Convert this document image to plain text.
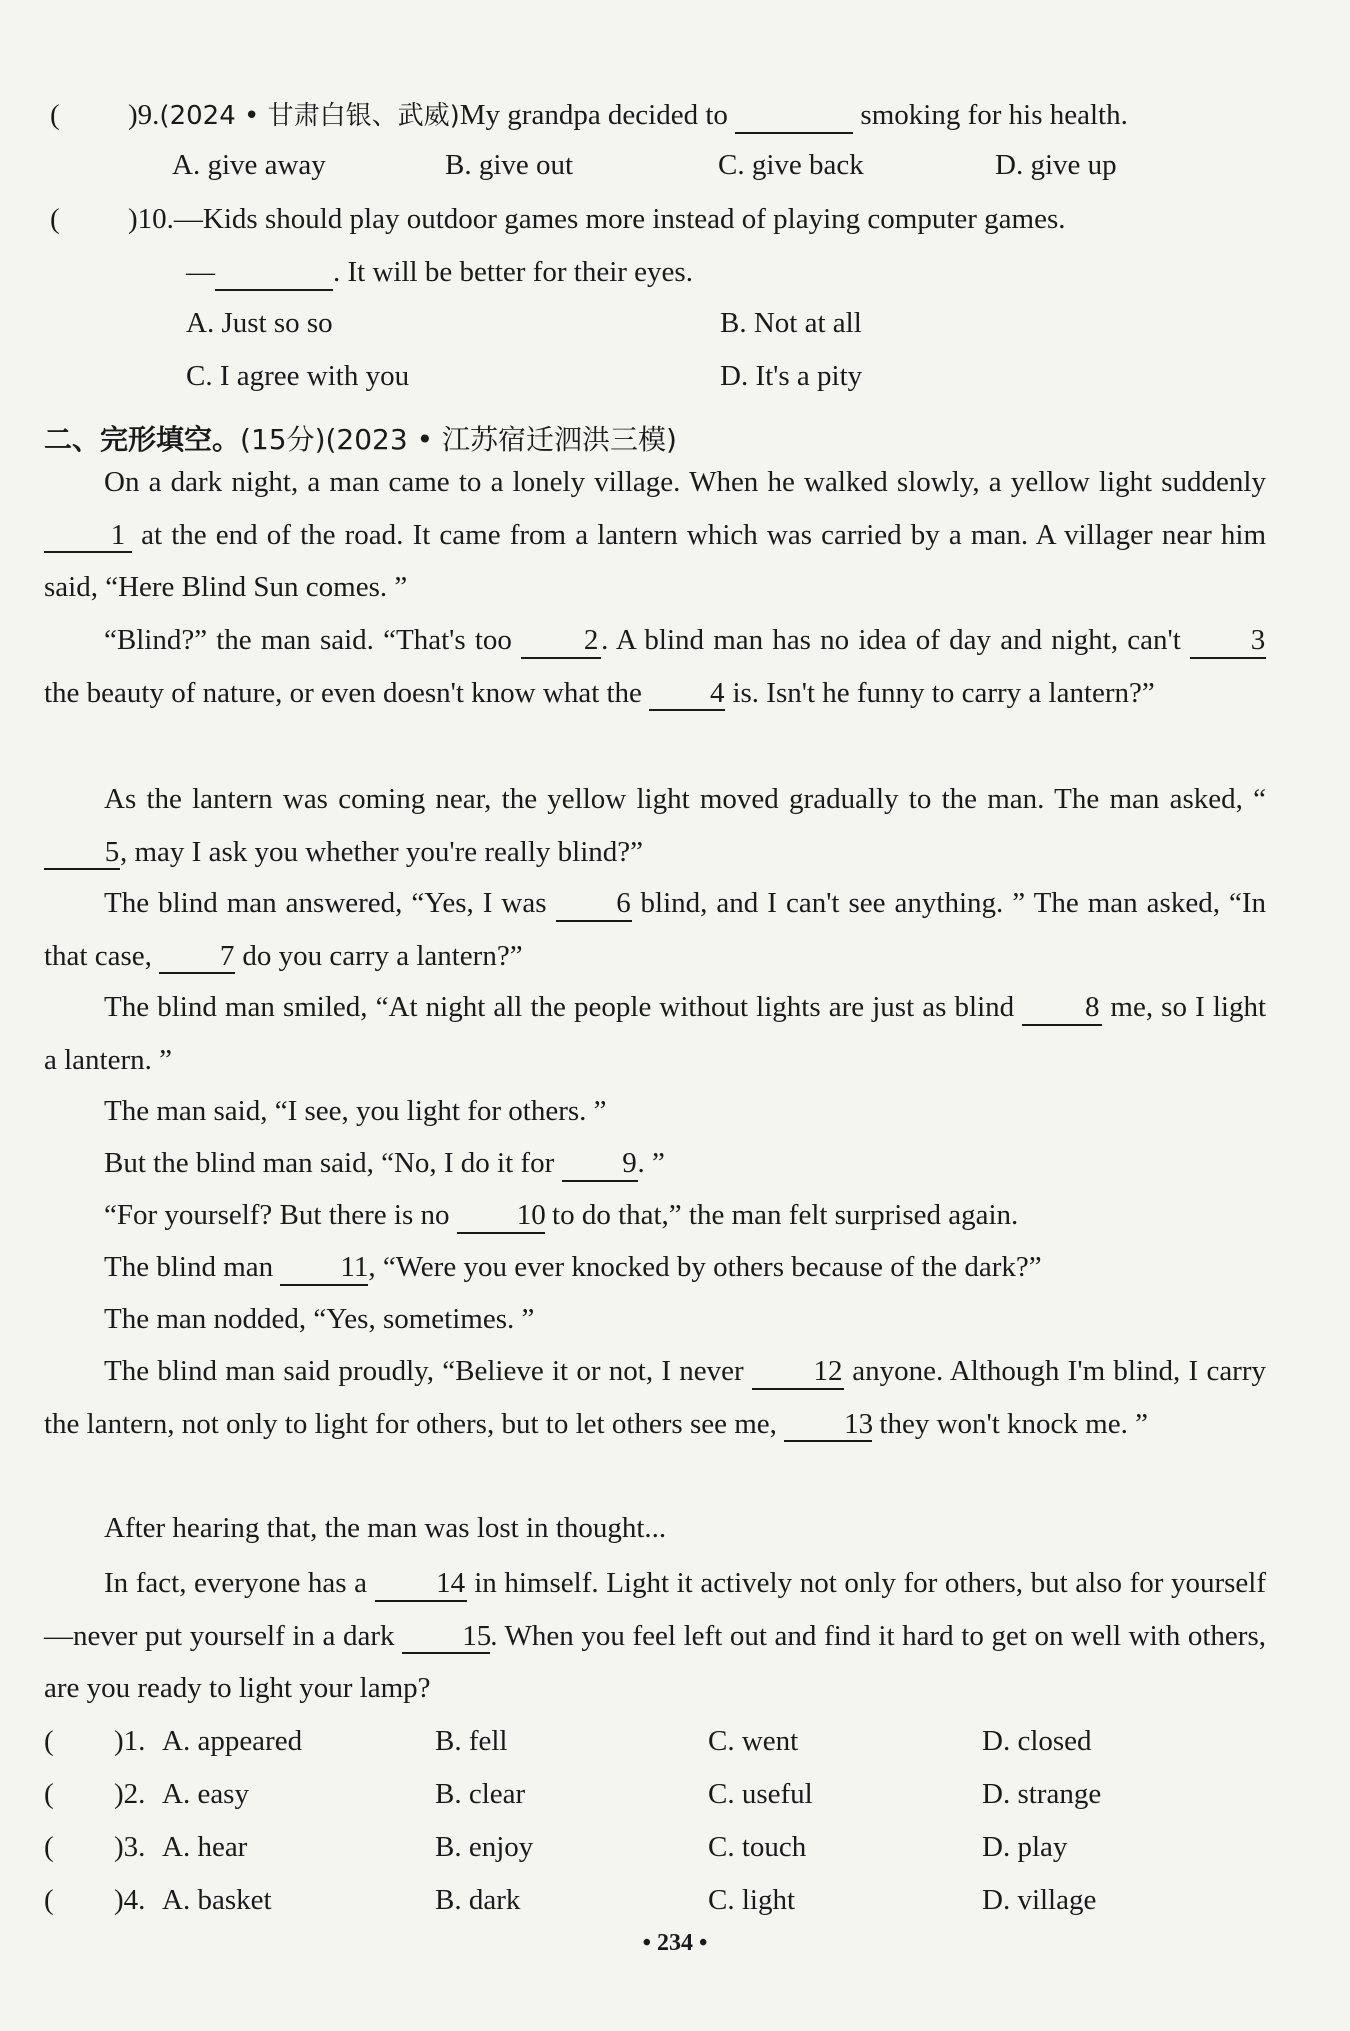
( )9.(2024 • 甘肃白银、武威)My grandpa decided to	smoking for his health.
A. give away	B. give out	C. give back	D. give up
( )10.—Kids should play outdoor games more instead of playing computer games.
—	. It will be better for their eyes.
A. Just so so	B. Not at all
C. I agree with you	D. It's a pity
二、完形填空。(15分)(2023 • 江苏宿迁泗洪三模)
On a dark night, a man came to a lonely village. When he walked slowly, a yellow light suddenly 1 at the end of the road. It came from a lantern which was carried by a man. A villager near him said, “Here Blind Sun comes. ”
“Blind?” the man said. “That's too 2. A blind man has no idea of day and night, can't 3 the beauty of nature, or even doesn't know what the 4 is. Isn't he funny to carry a lantern?”
As the lantern was coming near, the yellow light moved gradually to the man. The man asked, “5, may I ask you whether you're really blind?”
The blind man answered, “Yes, I was 6 blind, and I can't see anything. ” The man asked, “In that case, 7 do you carry a lantern?”
The blind man smiled, “At night all the people without lights are just as blind 8 me, so I light a lantern. ”
The man said, “I see, you light for others. ”
But the blind man said, “No, I do it for 9. ”
“For yourself? But there is no 10 to do that,” the man felt surprised again.
The blind man 11, “Were you ever knocked by others because of the dark?”
The man nodded, “Yes, sometimes. ”
The blind man said proudly, “Believe it or not, I never 12 anyone. Although I'm blind, I carry the lantern, not only to light for others, but to let others see me, 13 they won't knock me. ”
After hearing that, the man was lost in thought...
In fact, everyone has a 14 in himself. Light it actively not only for others, but also for yourself—never put yourself in a dark 15. When you feel left out and find it hard to get on well with others, are you ready to light your lamp?
( )1. A. appeared	B. fell	C. went	D. closed
( )2. A. easy	B. clear	C. useful	D. strange
( )3. A. hear	B. enjoy	C. touch	D. play
( )4. A. basket	B. dark	C. light	D. village
• 234 •
